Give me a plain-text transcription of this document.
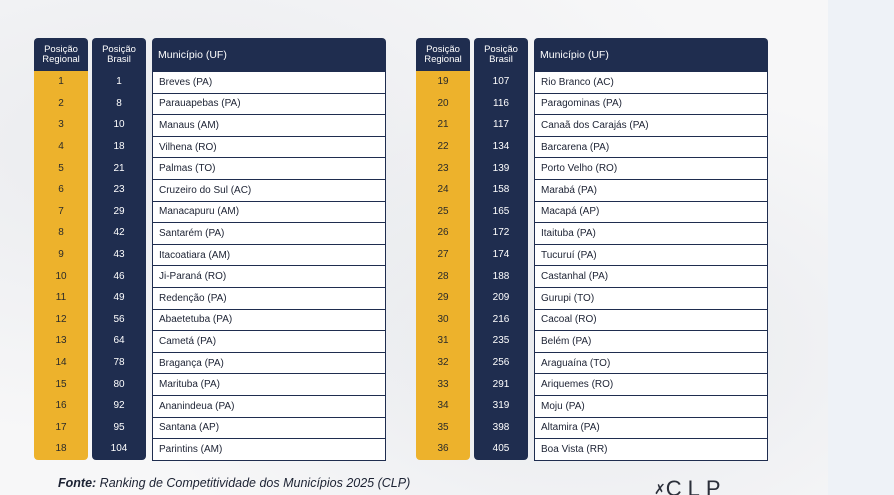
Posição
Regional
1
2
3
4
5
6
7
8
9
10
11
12
13
14
15
16
17
18
Posição
Brasil
1
8
10
18
21
23
29
42
43
46
49
56
64
78
80
92
95
104
Município (UF)
Breves (PA)
Parauapebas (PA)
Manaus (AM)
Vilhena (RO)
Palmas (TO)
Cruzeiro do Sul (AC)
Manacapuru (AM)
Santarém (PA)
Itacoatiara (AM)
Ji-Paraná (RO)
Redenção (PA)
Abaetetuba (PA)
Cametá (PA)
Bragança (PA)
Marituba (PA)
Ananindeua (PA)
Santana (AP)
Parintins (AM)
Posição
Regional
19
20
21
22
23
24
25
26
27
28
29
30
31
32
33
34
35
36
Posição
Brasil
107
116
117
134
139
158
165
172
174
188
209
216
235
256
291
319
398
405
Município (UF)
Rio Branco (AC)
Paragominas (PA)
Canaã dos Carajás (PA)
Barcarena (PA)
Porto Velho (RO)
Marabá (PA)
Macapá (AP)
Itaituba (PA)
Tucuruí (PA)
Castanhal (PA)
Gurupi (TO)
Cacoal (RO)
Belém (PA)
Araguaína (TO)
Ariquemes (RO)
Moju (PA)
Altamira (PA)
Boa Vista (RR)
Fonte: Ranking de Competitividade dos Municípios 2025 (CLP)	✗CLP
